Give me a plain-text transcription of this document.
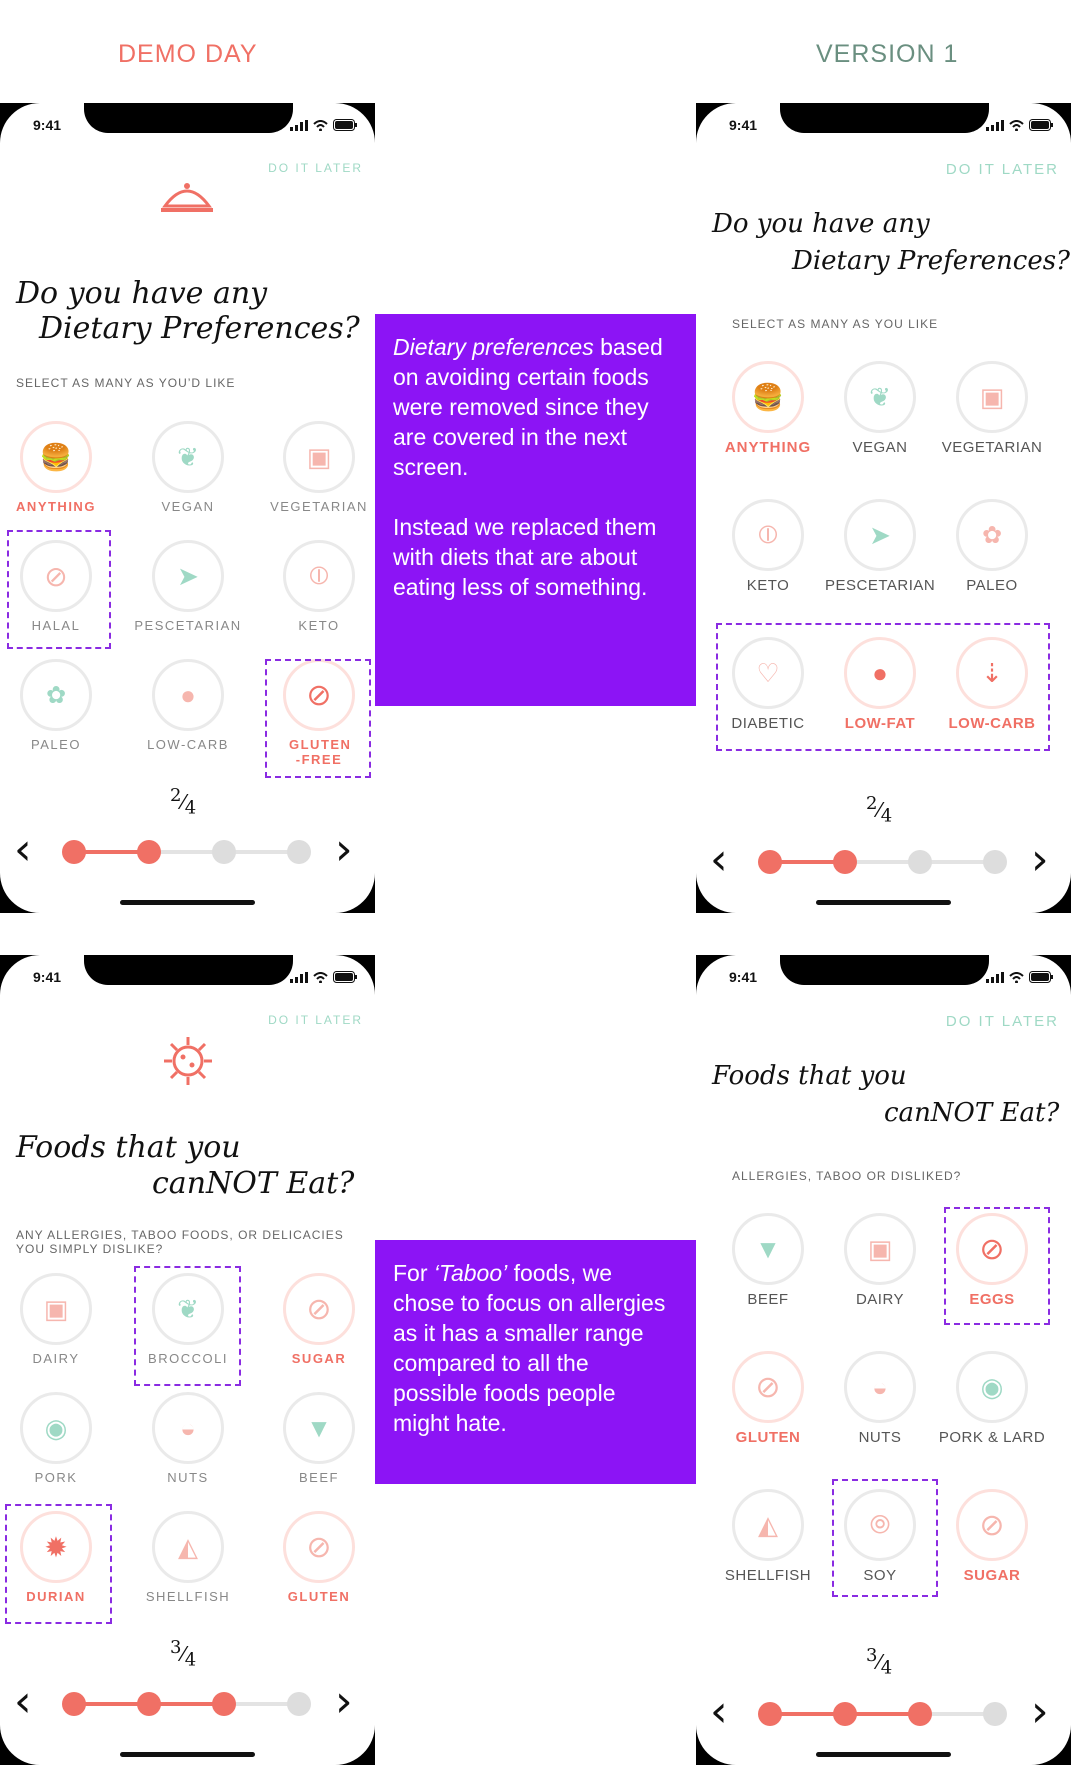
DEMO DAY	VERSION 1
Dietary preferences based on avoiding certain foods were removed since they are covered in the next screen.
Instead we replaced them with diets that are about eating less of something.
For ‘Taboo’ foods, we chose to focus on allergies as it has a smaller range compared to all the possible foods people might hate.
9:41
DO IT LATER
Do you have any
Dietary Preferences?
SELECT AS MANY AS YOU’D LIKE
🍔
ANYTHING
❦
VEGAN
▣
VEGETARIAN
⊘
HALAL
➤
PESCETARIAN
⦶
KETO
✿
PALEO
●
LOW-CARB
⊘
GLUTEN -FREE
$^2⁄_4$
‹	›
9:41
DO IT LATER
Do you have any
Dietary Preferences?
SELECT AS MANY AS YOU LIKE
🍔
ANYTHING
❦
VEGAN
▣
VEGETARIAN
⦶
KETO
➤
PESCETARIAN
✿
PALEO
♡
DIABETIC
●
LOW-FAT
⇣
LOW-CARB
$^2⁄_4$
‹	›
9:41
DO IT LATER
Foods that you
canNOT Eat?
ANY ALLERGIES, TABOO FOODS, OR DELICACIES
YOU SIMPLY DISLIKE?
▣
DAIRY
❦
BROCCOLI
⊘
SUGAR
◉
PORK
◒
NUTS
▼
BEEF
✹
DURIAN
◭
SHELLFISH
⊘
GLUTEN
$^3⁄_4$
‹	›
9:41
DO IT LATER
Foods that you
canNOT Eat?
ALLERGIES, TABOO OR DISLIKED?
▼
BEEF
▣
DAIRY
⊘
EGGS
⊘
GLUTEN
◒
NUTS
◉
PORK & LARD
◭
SHELLFISH
⦾
SOY
⊘
SUGAR
$^3⁄_4$
‹	›
